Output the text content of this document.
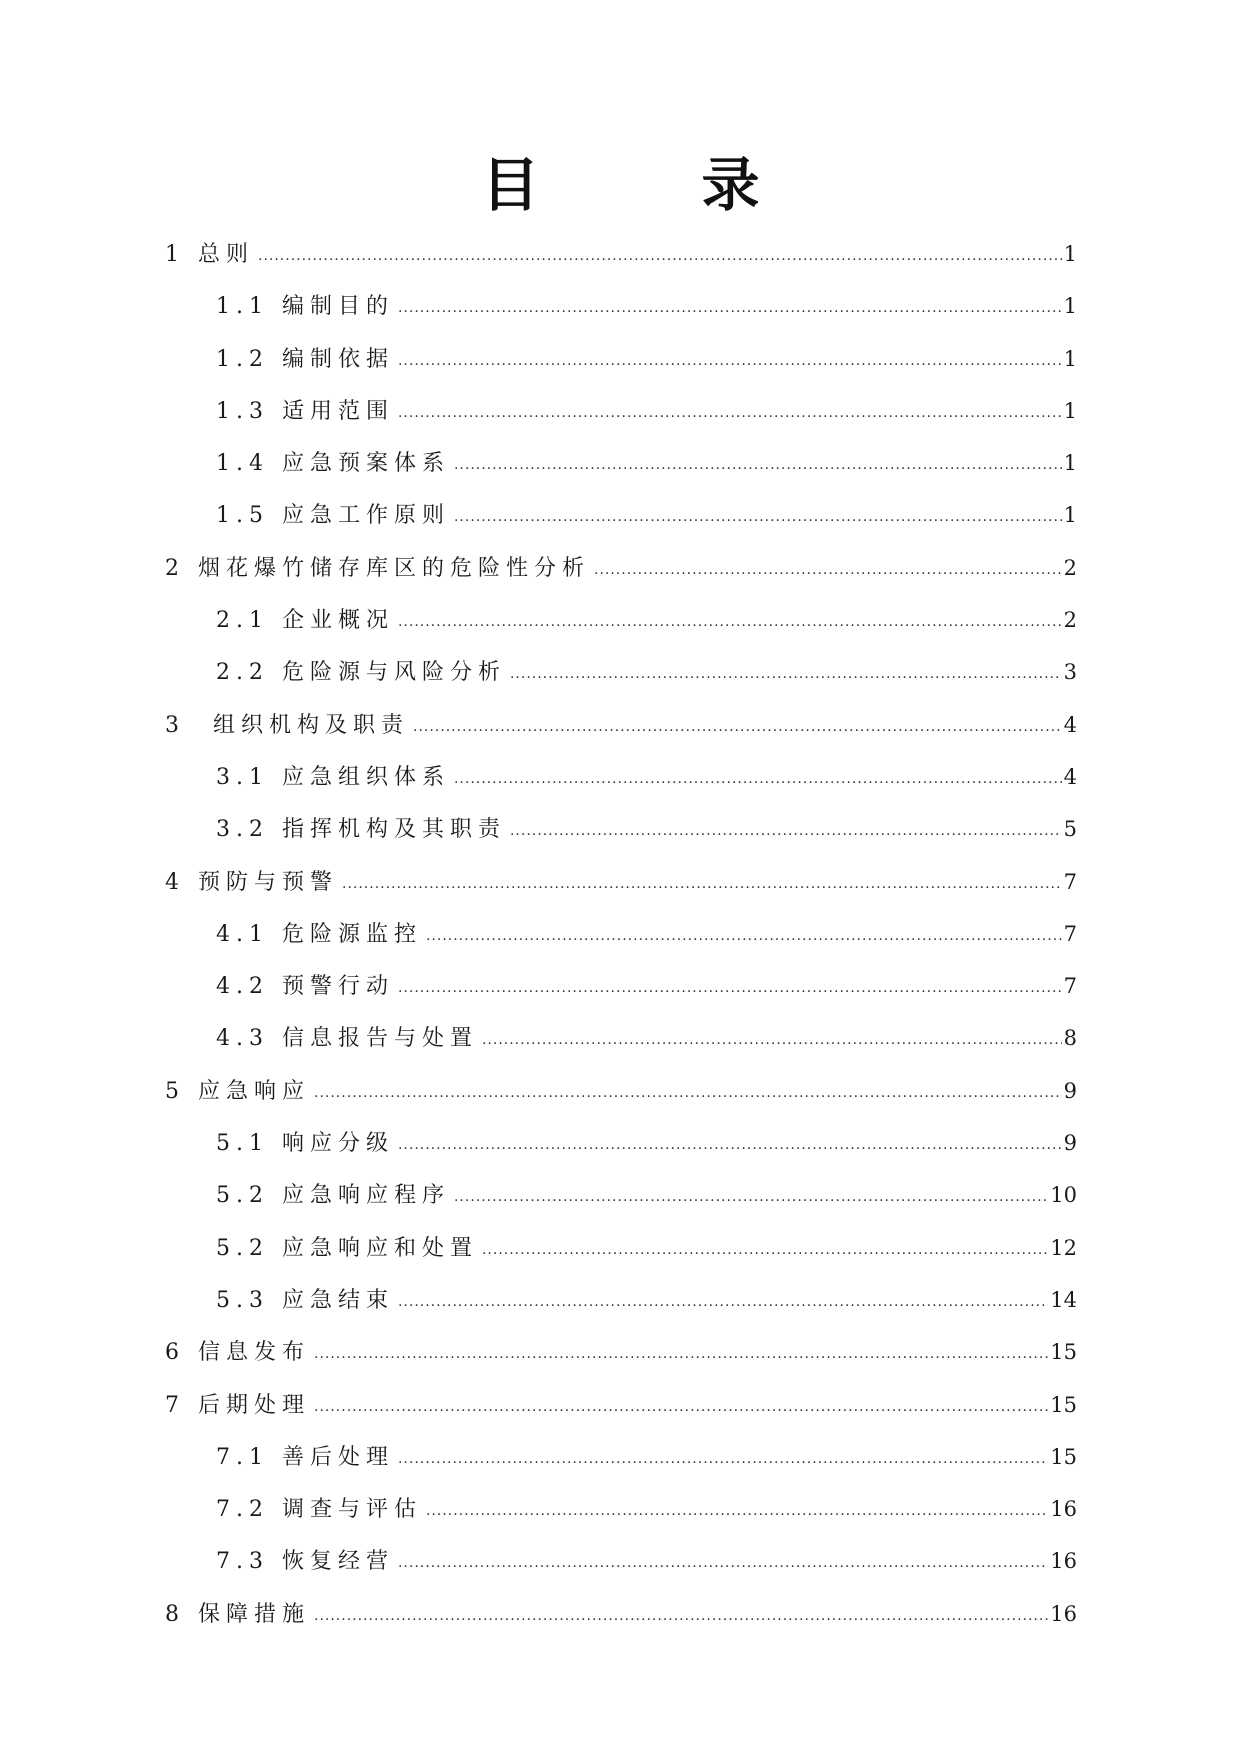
目　录
1 总则 .....	1
1.1 编制目的 .....	1
1.2 编制依据 .....	1
1.3 适用范围 .....	1
1.4 应急预案体系 .....	1
1.5 应急工作原则 .....	1
2 烟花爆竹储存库区的危险性分析 .....	2
2.1 企业概况 .....	2
2.2 危险源与风险分析 .....	3
3　组织机构及职责 .....	4
3.1 应急组织体系 .....	4
3.2 指挥机构及其职责 .....	5
4 预防与预警 .....	7
4.1 危险源监控 .....	7
4.2 预警行动 .....	7
4.3 信息报告与处置 .....	8
5 应急响应 .....	9
5.1 响应分级 .....	9
5.2 应急响应程序 .....	10
5.2 应急响应和处置 .....	12
5.3 应急结束 .....	14
6 信息发布 .....	15
7 后期处理 .....	15
7.1 善后处理 .....	15
7.2 调查与评估 .....	16
7.3 恢复经营 .....	16
8 保障措施 .....	16
